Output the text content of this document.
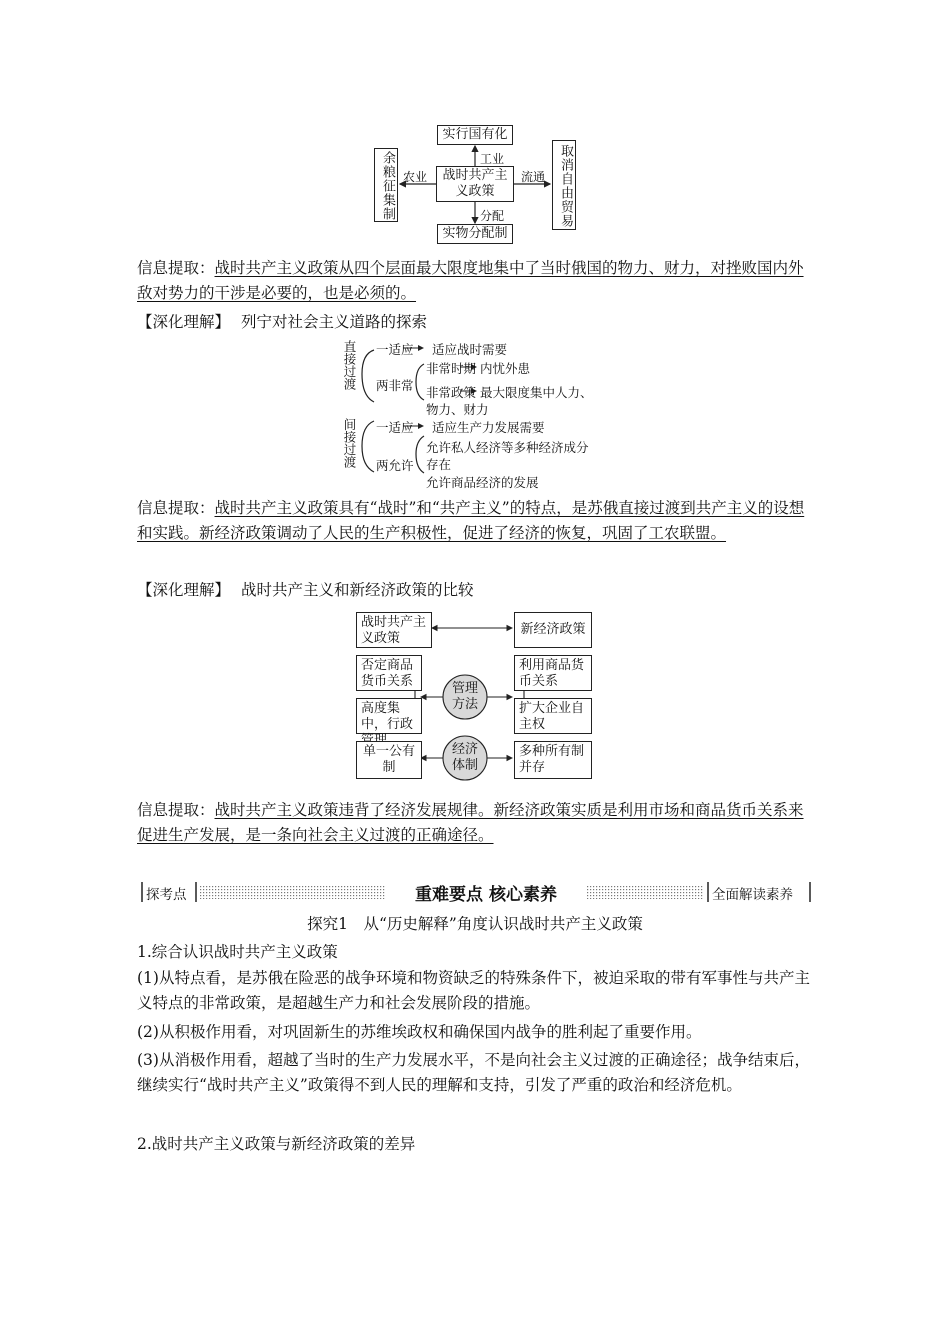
实行国有化
实物分配制
战时共产主义政策
余粮征集制	取消自由贸易
工业
分配
农业	流通
信息提取：战时共产主义政策从四个层面最大限度地集中了当时俄国的物力、财力，对挫败国内外敌对势力的干涉是必要的，也是必须的。
【深化理解】 列宁对社会主义道路的探索
直接过渡 一适应 适应战时需要
两非常
非常时期 内忧外患
非常政策 最大限度集中人力、
物力、财力
间接过渡 一适应 适应生产力发展需要
两允许
允许私人经济等多种经济成分
存在
允许商品经济的发展
信息提取：战时共产主义政策具有“战时”和“共产主义”的特点，是苏俄直接过渡到共产主义的设想和实践。新经济政策调动了人民的生产积极性，促进了经济的恢复，巩固了工农联盟。
【深化理解】 战时共产主义和新经济政策的比较
战时共产主义政策
新经济政策
否定商品货币关系
高度集中，行政
单一公有制
利用商品货币关系
扩大企业自主权
多种所有制并存
管理方法
经济体制
信息提取：战时共产主义政策违背了经济发展规律。新经济政策实质是利用市场和商品货币关系来促进生产发展，是一条向社会主义过渡的正确途径。
探考点	重难要点 核心素养	全面解读素养
探究1　从“历史解释”角度认识战时共产主义政策
1.综合认识战时共产主义政策
(1)从特点看，是苏俄在险恶的战争环境和物资缺乏的特殊条件下，被迫采取的带有军事性与共产主义特点的非常政策，是超越生产力和社会发展阶段的措施。
(2)从积极作用看，对巩固新生的苏维埃政权和确保国内战争的胜利起了重要作用。
(3)从消极作用看，超越了当时的生产力发展水平，不是向社会主义过渡的正确途径；战争结束后，继续实行“战时共产主义”政策得不到人民的理解和支持，引发了严重的政治和经济危机。
2.战时共产主义政策与新经济政策的差异
